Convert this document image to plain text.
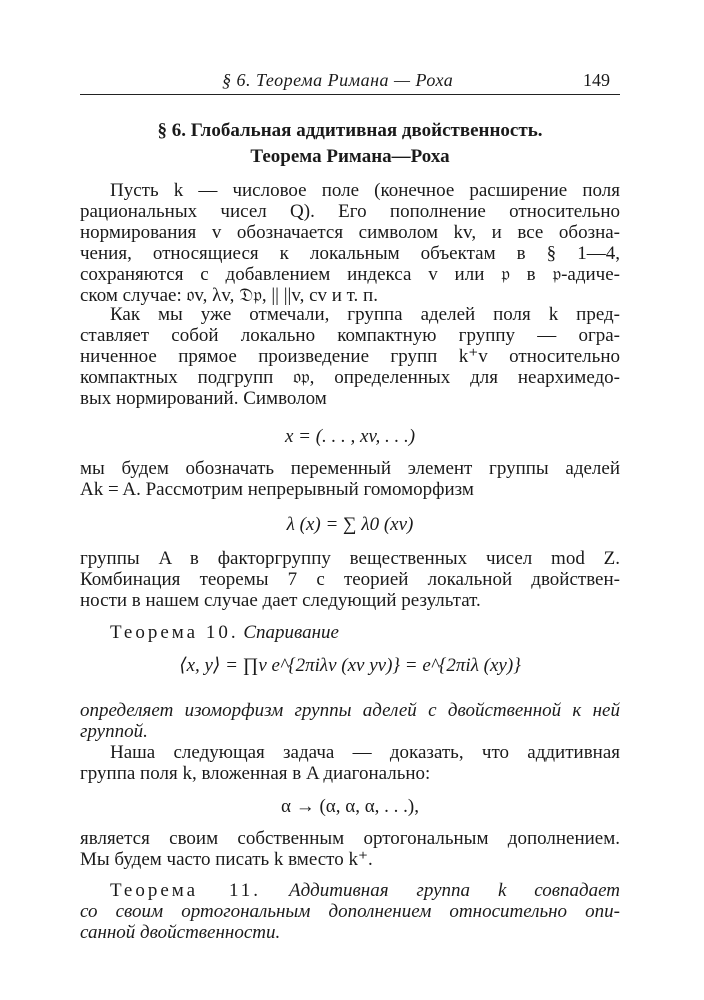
§ 6. Теорема Римана — Роха	149
§ 6. Глобальная аддитивная двойственность.
Теорема Римана—Роха
Пусть k — числовое поле (конечное расширение поля
рациональных чисел Q). Его пополнение относительно
нормирования v обозначается символом kv, и все обозна-
чения, относящиеся к локальным объектам в § 1—4,
сохраняются с добавлением индекса v или 𝔭 в 𝔭-адиче-
ском случае: 𝔬v, λv, 𝔇𝔭, || ||v, cv и т. п.
Как мы уже отмечали, группа аделей поля k пред-
ставляет собой локально компактную группу — огра-
ниченное прямое произведение групп k⁺v относительно
компактных подгрупп 𝔬𝔭, определенных для неархимедо-
вых нормирований. Символом
x = (. . . , xv, . . .)
мы будем обозначать переменный элемент группы аделей
Ak = A. Рассмотрим непрерывный гомоморфизм
λ (x) = ∑ λ0 (xv)
группы A в факторгруппу вещественных чисел mod Z.
Комбинация теоремы 7 с теорией локальной двойствен-
ности в нашем случае дает следующий результат.
Теорема 10. Спаривание
⟨x, y⟩ = ∏v e^{2πiλv (xv yv)} = e^{2πiλ (xy)}
определяет изоморфизм группы аделей с двойственной к ней
группой.
Наша следующая задача — доказать, что аддитивная
группа поля k, вложенная в A диагонально:
α → (α, α, α, . . .),
является своим собственным ортогональным дополнением.
Мы будем часто писать k вместо k⁺.
Теорема 11. Аддитивная группа k совпадает
со своим ортогональным дополнением относительно опи-
санной двойственности.
